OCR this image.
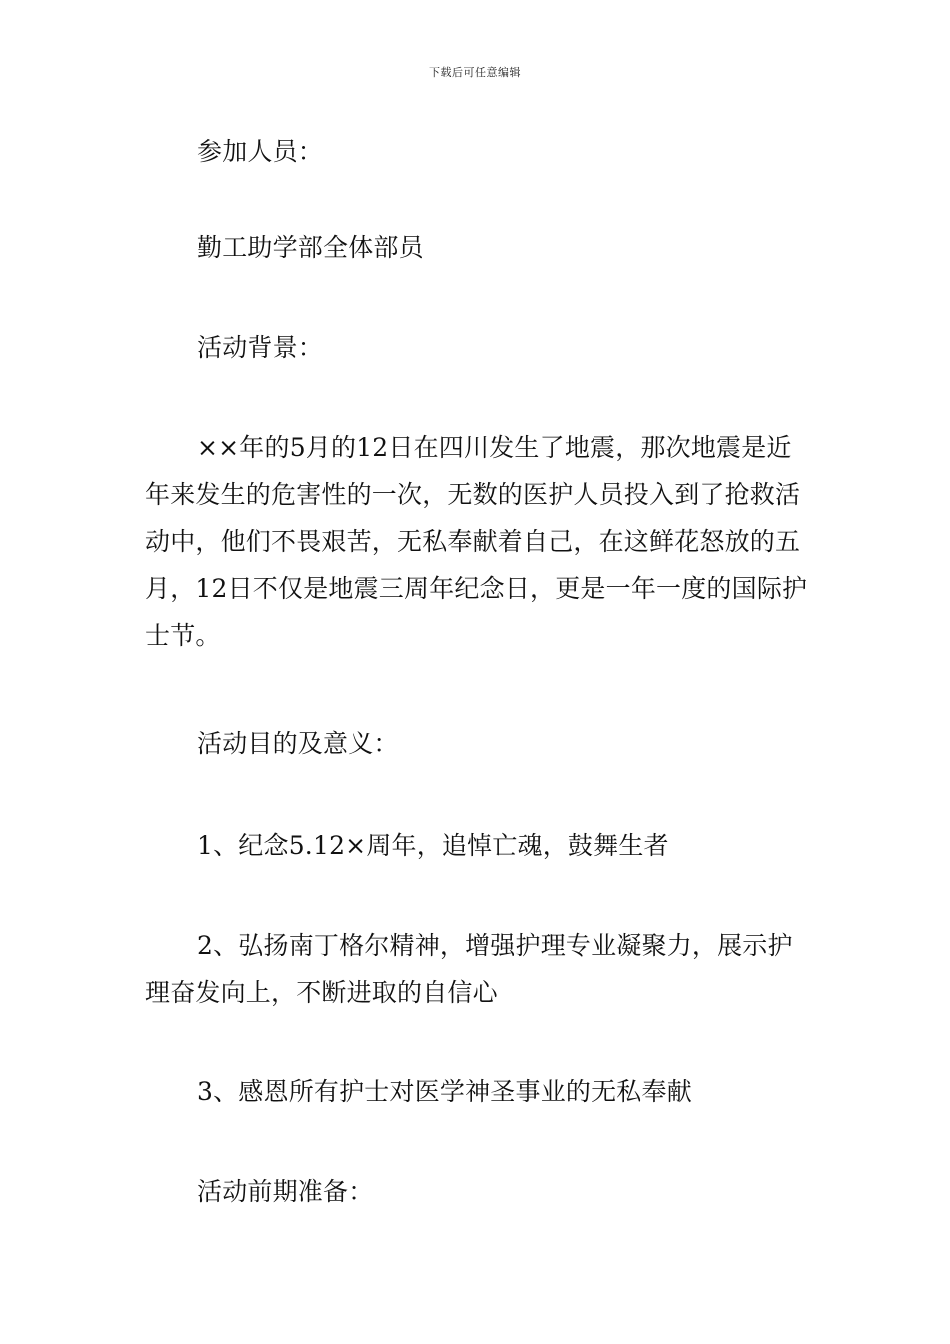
下载后可任意编辑

参加人员：

勤工助学部全体部员

活动背景：

××年的5月的12日在四川发生了地震，那次地震是近年来发生的危害性的一次，无数的医护人员投入到了抢救活动中，他们不畏艰苦，无私奉献着自己，在这鲜花怒放的五月，12日不仅是地震三周年纪念日，更是一年一度的国际护士节。

活动目的及意义：

1、纪念5.12×周年，追悼亡魂，鼓舞生者

2、弘扬南丁格尔精神，增强护理专业凝聚力，展示护理奋发向上，不断进取的自信心

3、感恩所有护士对医学神圣事业的无私奉献

活动前期准备：
